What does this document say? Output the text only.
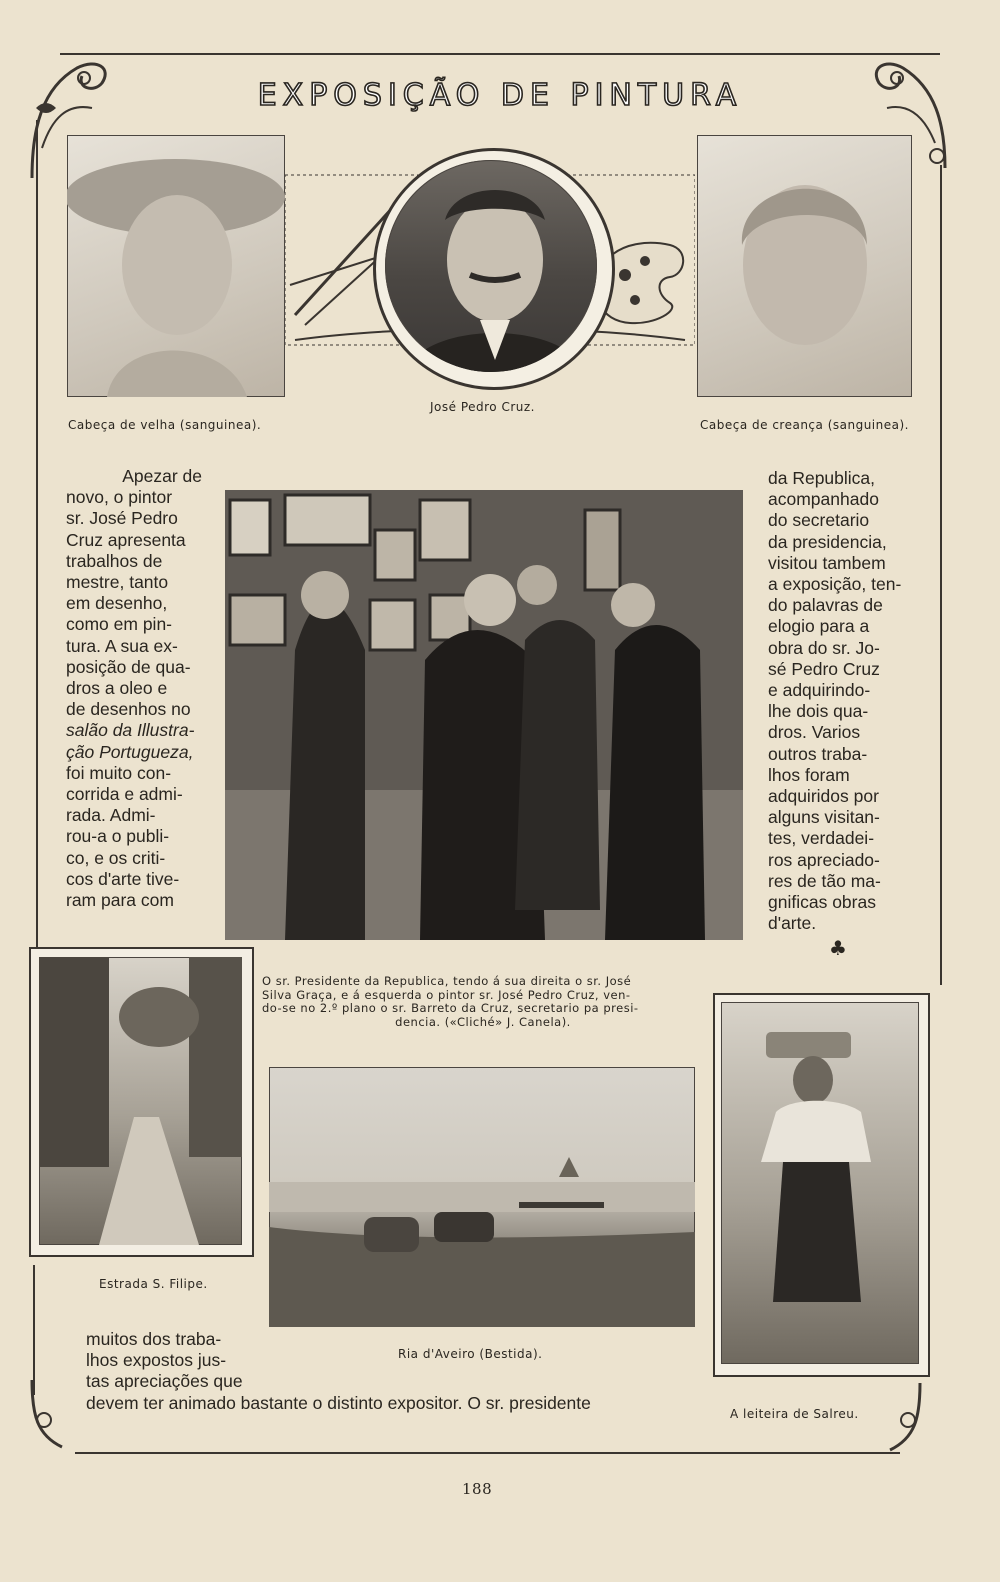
EXPOSIÇÃO DE PINTURA
Cabeça de velha (sanguinea).
José Pedro Cruz.
Cabeça de creança (sanguinea).
Apezar de
novo, o pintor
sr. José Pedro
Cruz apresenta
trabalhos de
mestre, tanto
em desenho,
como em pin-
tura. A sua ex-
posição de qua-
dros a oleo e
de desenhos no
salão da Illustra-
ção Portugueza,
foi muito con-
corrida e admi-
rada. Admi-
rou-a o publi-
co, e os criti-
cos d'arte tive-
ram para com
da Republica,
acompanhado
do secretario
da presidencia,
visitou tambem
a exposição, ten-
do palavras de
elogio para a
obra do sr. Jo-
sé Pedro Cruz
e adquirindo-
lhe dois qua-
dros. Varios
outros traba-
lhos foram
adquiridos por
alguns visitan-
tes, verdadei-
ros apreciado-
res de tão ma-
gnificas obras
d'arte.
♣
O sr. Presidente da Republica, tendo á sua direita o sr. José
Silva Graça, e á esquerda o pintor sr. José Pedro Cruz, ven-
do-se no 2.º plano o sr. Barreto da Cruz, secretario pa presi-
dencia. («Cliché» J. Canela).
Estrada S. Filipe.
Ria d'Aveiro (Bestida).
A leiteira de Salreu.
muitos dos traba-
lhos expostos jus-
tas apreciações que
devem ter animado bastante o distinto expositor. O sr. presidente
188
